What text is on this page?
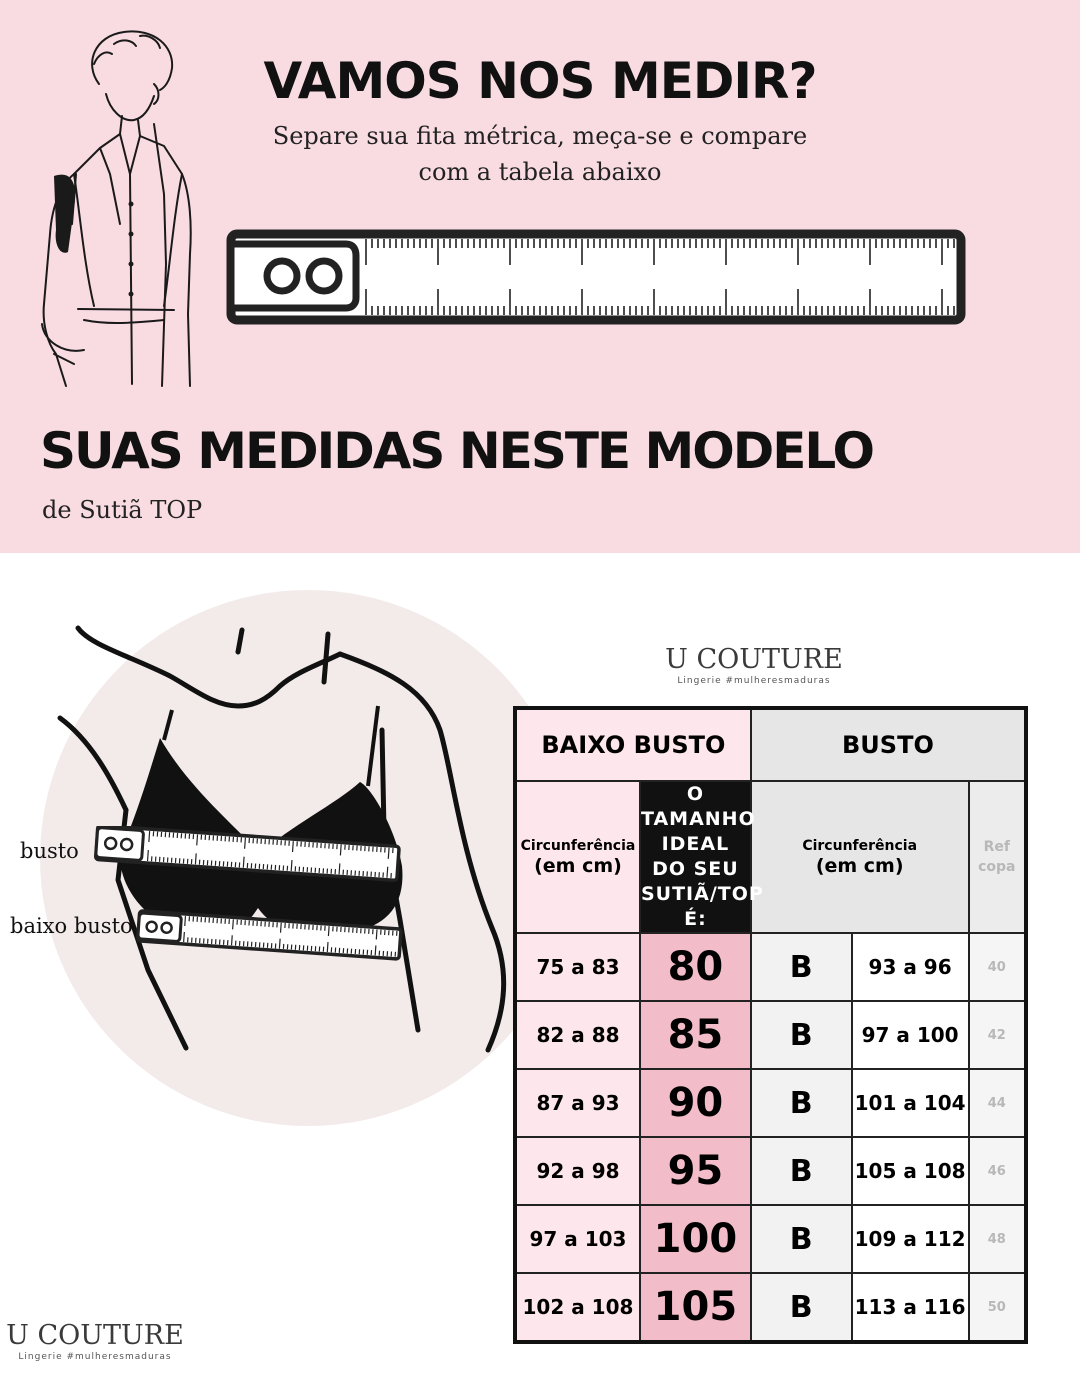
VAMOS NOS MEDIR?

Separe sua fita métrica, meça-se e compare
com a tabela abaixo

SUAS MEDIDAS NESTE MODELO

de Sutiã TOP

busto
baixo busto
U COUTURE
Lingerie #mulheresmaduras
BAIXO BUSTO		BUSTO		
Circunferência
(em cm)	O TAMANHO
IDEAL DO SEU
SUTIÃ/TOP É:	Circunferência
(em cm)		Ref
copa
75 a 83	80	B	93 a 96	40
82 a 88	85	B	97 a 100	42
87 a 93	90	B	101 a 104	44
92 a 98	95	B	105 a 108	46
97 a 103	100	B	109 a 112	48
102 a 108	105	B	113 a 116	50
U COUTURE
Lingerie #mulheresmaduras
